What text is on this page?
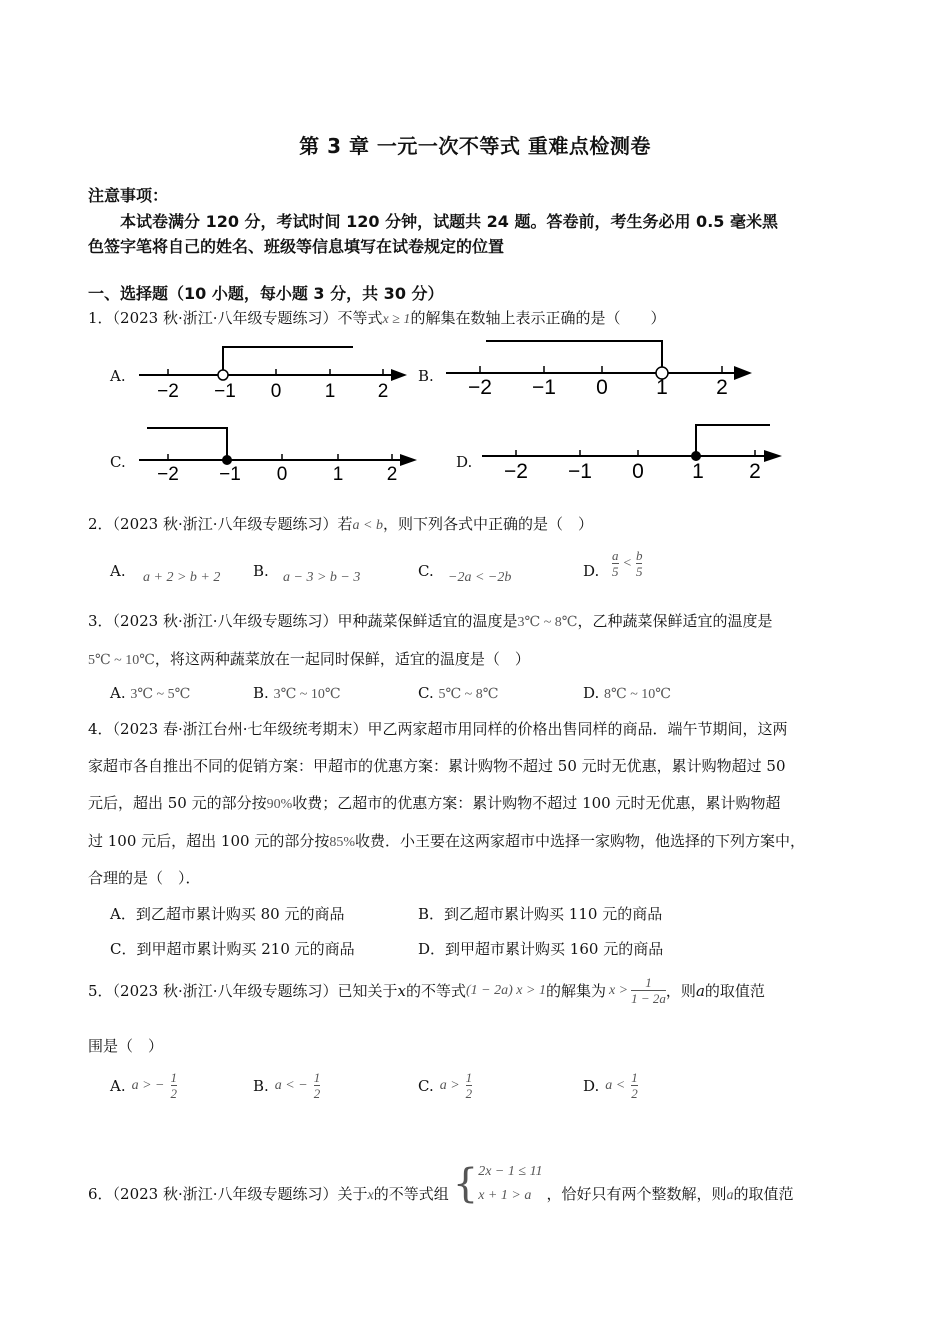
第 3 章 一元一次不等式 重难点检测卷
注意事项：
本试卷满分 120 分，考试时间 120 分钟，试题共 24 题。答卷前，考生务必用 0.5 毫米黑
色签字笔将自己的姓名、班级等信息填写在试卷规定的位置
一、选择题（10 小题，每小题 3 分，共 30 分）
1．（2023 秋·浙江·八年级专题练习）不等式x ≥ 1的解集在数轴上表示正确的是（　　）
A.
−2 −1 0 1 2
B. −2 −1 0 1 2
C.
−2 −1 0 1 2
D. −2 −1 0 1 2
2．（2023 秋·浙江·八年级专题练习）若a < b，则下列各式中正确的是（　）
A. a + 2 > b + 2 B. a − 3 > b − 3	C. −2a < −2b	D. $\frac{a}{5} < \frac{b}{5}$
3．（2023 秋·浙江·八年级专题练习）甲种蔬菜保鲜适宜的温度是3℃ ~ 8℃，乙种蔬菜保鲜适宜的温度是
5℃ ~ 10℃，将这两种蔬菜放在一起同时保鲜，适宜的温度是（　）
A. 3℃ ~ 5℃	B. 3℃ ~ 10℃	C. 5℃ ~ 8℃	D. 8℃ ~ 10℃
4．（2023 春·浙江台州·七年级统考期末）甲乙两家超市用同样的价格出售同样的商品．端午节期间，这两
家超市各自推出不同的促销方案：甲超市的优惠方案：累计购物不超过 50 元时无优惠，累计购物超过 50
元后，超出 50 元的部分按90%收费；乙超市的优惠方案：累计购物不超过 100 元时无优惠，累计购物超
过 100 元后，超出 100 元的部分按85%收费．小王要在这两家超市中选择一家购物，他选择的下列方案中，
合理的是（　）．
A．到乙超市累计购买 80 元的商品	B．到乙超市累计购买 110 元的商品
C．到甲超市累计购买 210 元的商品	D．到甲超市累计购买 160 元的商品
5．（2023 秋·浙江·八年级专题练习）已知关于 x 的不等式 (1 − 2a) x > 1 的解集为 $x > \frac{1}{1 - 2a}$ ，则 a 的取值范
围是（　）
A. a > − $\frac{1}{2}$	B. a < − $\frac{1}{2}$	C. $a > \frac{1}{2}$	D. $a < \frac{1}{2}$
6．（2023 秋·浙江·八年级专题练习）关于 x 的不等式组 { 2x − 1 ≤ 11
x + 1 > a	，恰好只有两个整数解，则 a 的取值范
